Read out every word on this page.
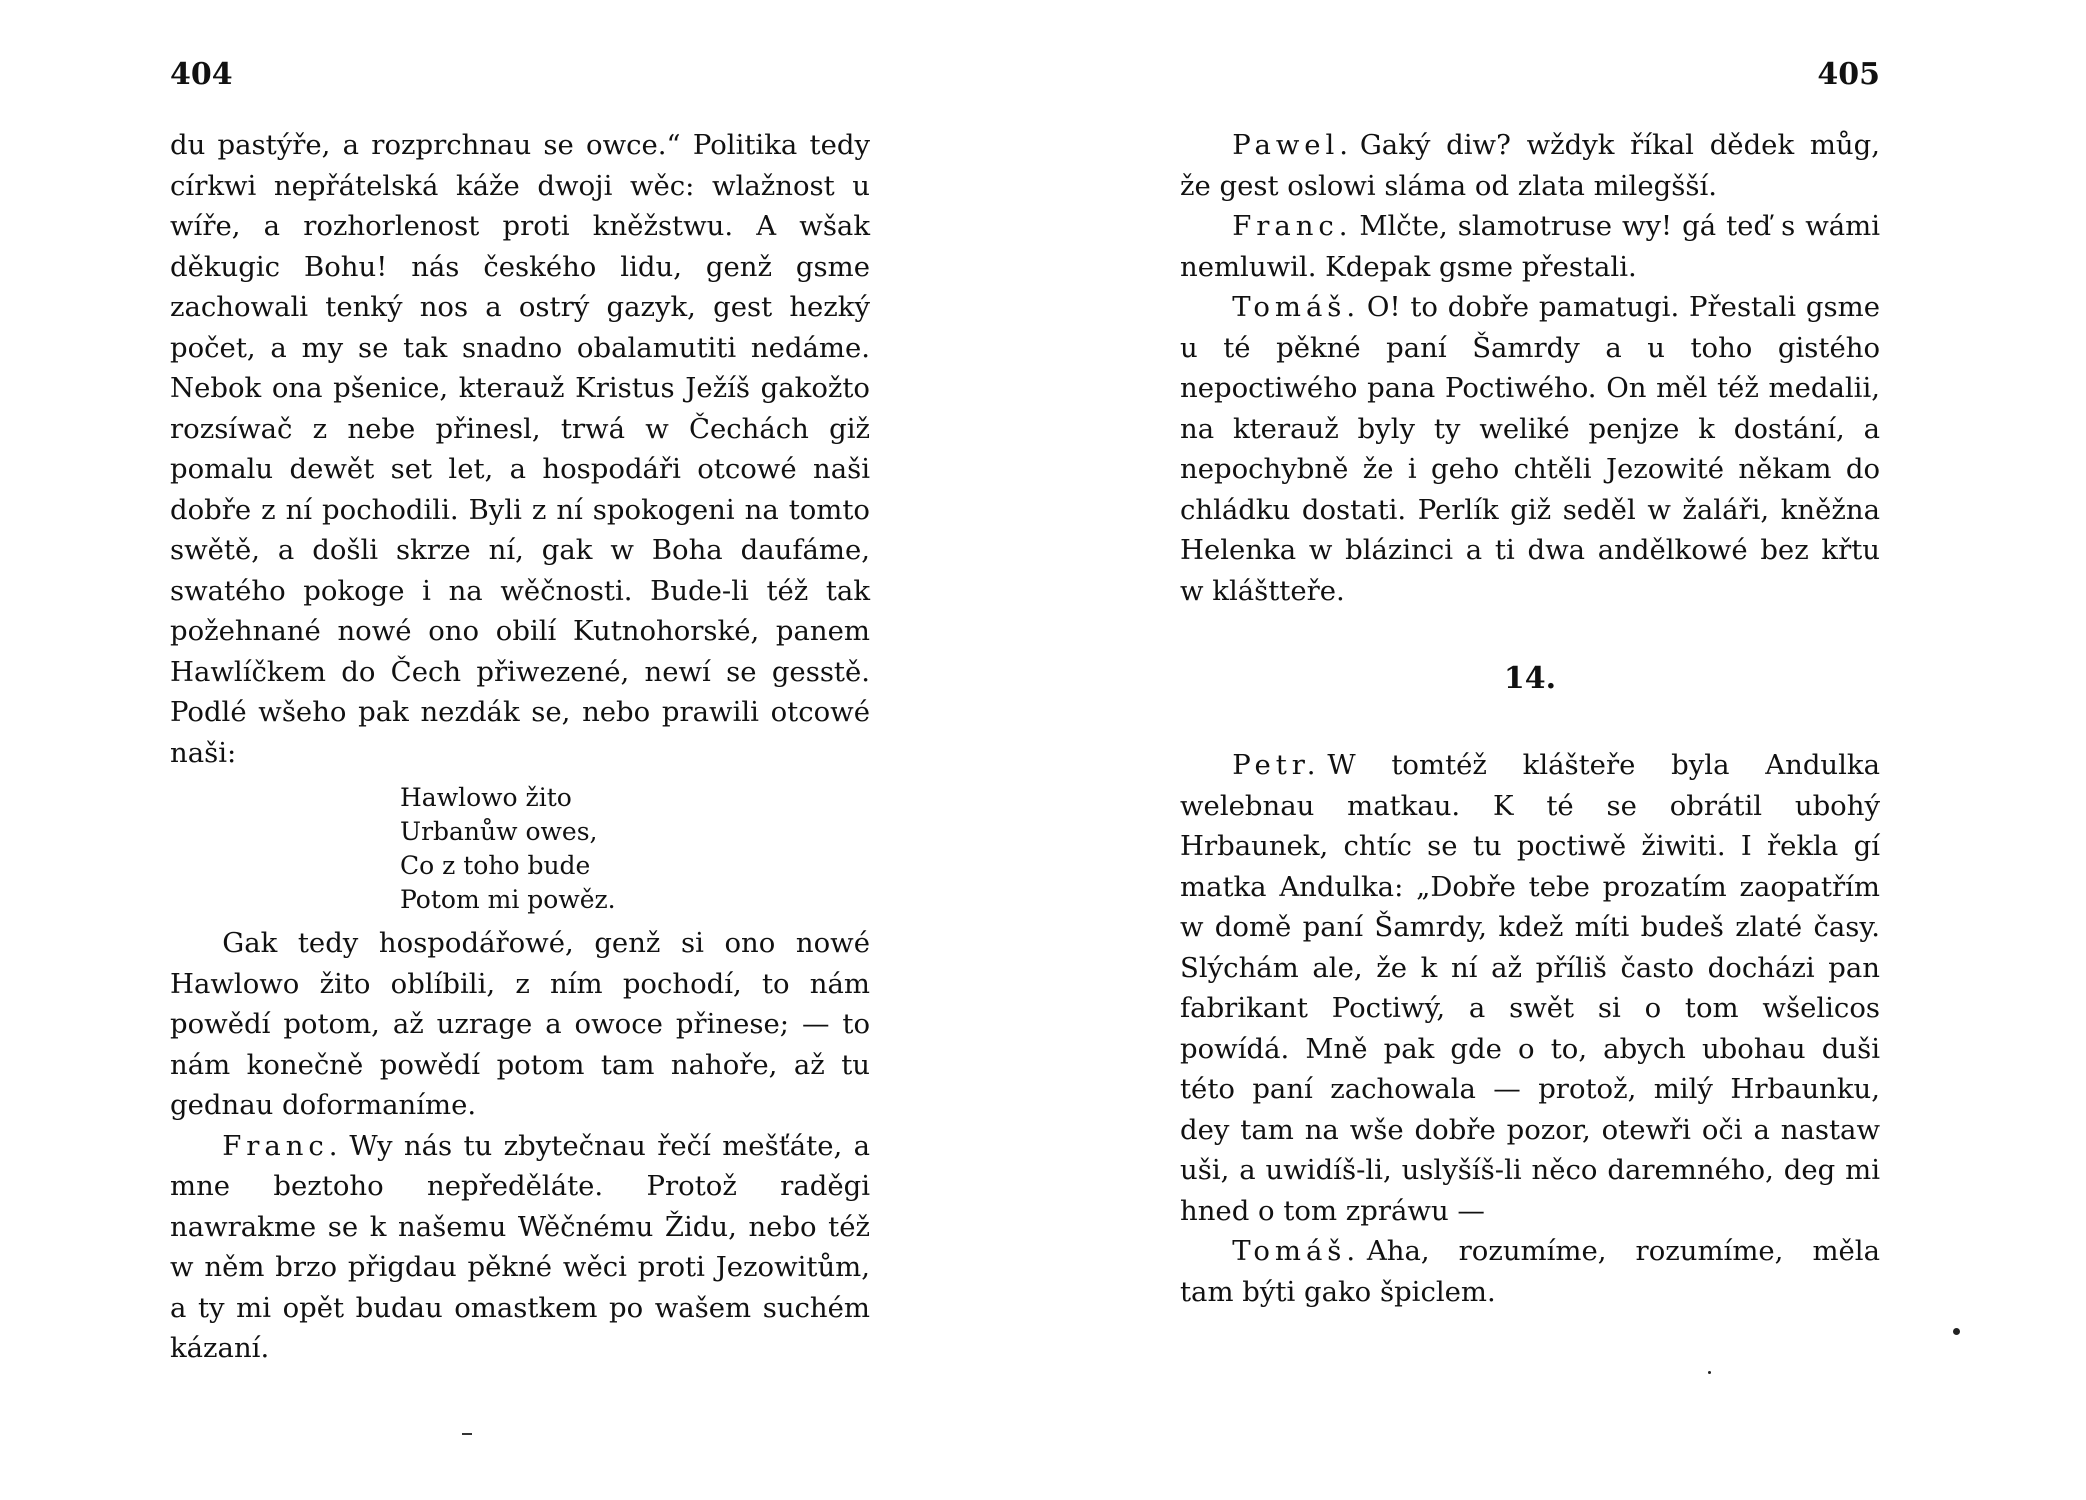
404

du pastýře, a rozprchnau se owce.“ Politika tedy církwi nepřátelská káže dwoji wěc: wlažnost u wíře, a rozhorlenost proti kněžstwu. A wšak děkugic Bohu! nás českého lidu, genž gsme zachowali tenký nos a ostrý gazyk, gest hezký počet, a my se tak snadno obalamutiti nedáme. Nebok ona pšenice, kterauž Kristus Ježíš gakožto rozsíwač z nebe přinesl, trwá w Čechách giž pomalu dewět set let, a hospodáři otcowé naši dobře z ní pochodili. Byli z ní spokogeni na tomto swětě, a došli skrze ní, gak w Boha daufáme, swatého pokoge i na wěčnosti. Bude-li též tak požehnané nowé ono obilí Kutnohorské, panem Hawlíčkem do Čech přiwezené, newí se gesstě. Podlé wšeho pak nezdák se, nebo prawili otcowé naši:

Hawlowo žito
Urbanůw owes,
Co z toho bude
Potom mi powěz.

Gak tedy hospodářowé, genž si ono nowé Hawlowo žito oblíbili, z ním pochodí, to nám powědí potom, až uzrage a owoce přinese; — to nám konečně powědí potom tam nahoře, až tu gednau doformaníme.

Franc. Wy nás tu zbytečnau řečí mešťáte, a mne beztoho nepředěláte. Protož raděgi nawrakme se k našemu Wěčnému Židu, nebo též w něm brzo přigdau pěkné wěci proti Jezowitům, a ty mi opět budau omastkem po wašem suchém kázaní.

405

Pawel. Gaký diw? wždyk říkal dědek můg, že gest oslowi sláma od zlata milegšší.

Franc. Mlčte, slamotruse wy! gá teď s wámi nemluwil. Kdepak gsme přestali.

Tomáš. O! to dobře pamatugi. Přestali gsme u té pěkné paní Šamrdy a u toho gistého nepoctiwého pana Poctiwého. On měl též medalii, na kterauž byly ty weliké penjze k dostání, a nepochybně že i geho chtěli Jezowité někam do chládku dostati. Perlík giž seděl w žaláři, kněžna Helenka w blázinci a ti dwa andělkowé bez křtu w kláštteře.

14.

Petr. W tomtéž klášteře byla Andulka welebnau matkau. K té se obrátil ubohý Hrbaunek, chtíc se tu poctiwě žiwiti. I řekla gí matka Andulka: „Dobře tebe prozatím zaopatřím w domě paní Šamrdy, kdež míti budeš zlaté časy. Slýchám ale, že k ní až příliš často docházi pan fabrikant Poctiwý, a swět si o tom wšelicos powídá. Mně pak gde o to, abych ubohau duši této paní zachowala — protož, milý Hrbaunku, dey tam na wše dobře pozor, otewři oči a nastaw uši, a uwidíš-li, uslyšíš-li něco daremného, deg mi hned o tom zpráwu —

Tomáš. Aha, rozumíme, rozumíme, měla tam býti gako špiclem.
